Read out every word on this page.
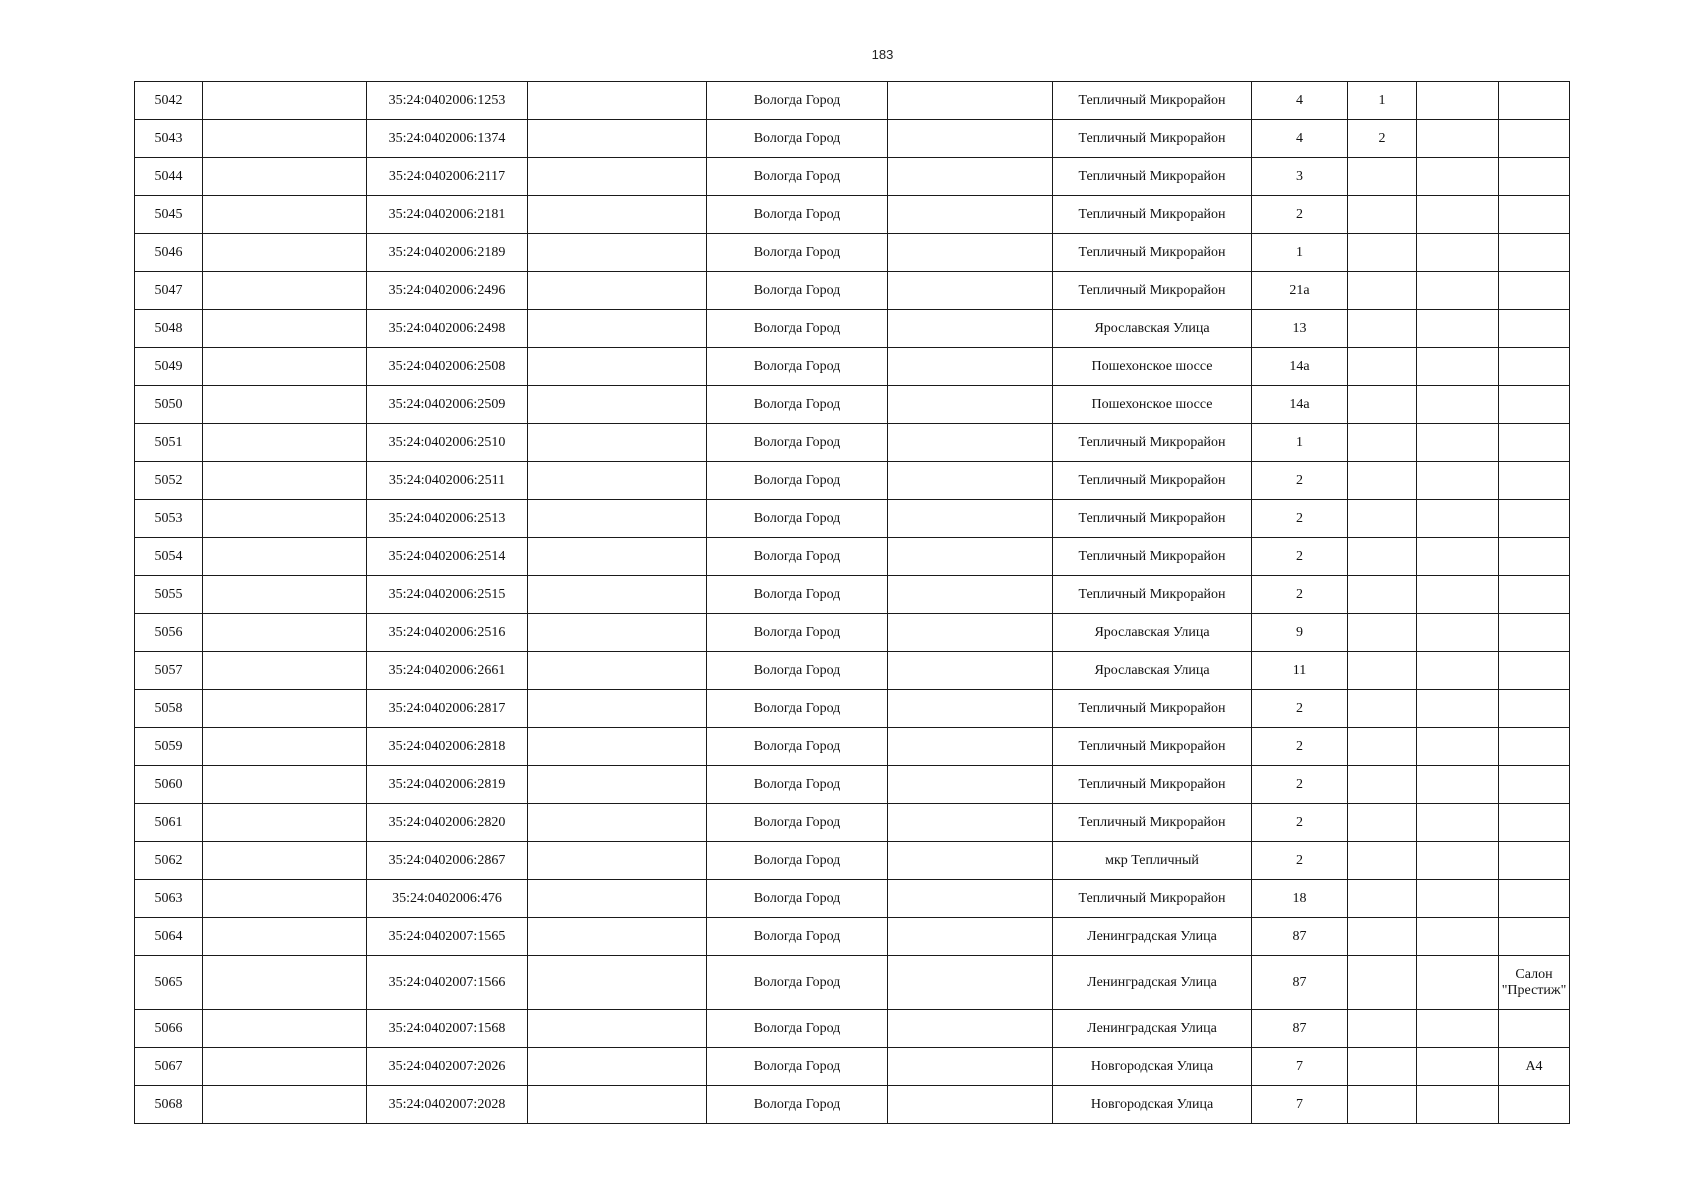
183
5042		35:24:0402006:1253		Вологда Город		Тепличный Микрорайон	4	1		
5043		35:24:0402006:1374		Вологда Город		Тепличный Микрорайон	4	2		
5044		35:24:0402006:2117		Вологда Город		Тепличный Микрорайон	3			
5045		35:24:0402006:2181		Вологда Город		Тепличный Микрорайон	2			
5046		35:24:0402006:2189		Вологда Город		Тепличный Микрорайон	1			
5047		35:24:0402006:2496		Вологда Город		Тепличный Микрорайон	21а			
5048		35:24:0402006:2498		Вологда Город		Ярославская Улица	13			
5049		35:24:0402006:2508		Вологда Город		Пошехонское шоссе	14а			
5050		35:24:0402006:2509		Вологда Город		Пошехонское шоссе	14а			
5051		35:24:0402006:2510		Вологда Город		Тепличный Микрорайон	1			
5052		35:24:0402006:2511		Вологда Город		Тепличный Микрорайон	2			
5053		35:24:0402006:2513		Вологда Город		Тепличный Микрорайон	2			
5054		35:24:0402006:2514		Вологда Город		Тепличный Микрорайон	2			
5055		35:24:0402006:2515		Вологда Город		Тепличный Микрорайон	2			
5056		35:24:0402006:2516		Вологда Город		Ярославская Улица	9			
5057		35:24:0402006:2661		Вологда Город		Ярославская Улица	11			
5058		35:24:0402006:2817		Вологда Город		Тепличный Микрорайон	2			
5059		35:24:0402006:2818		Вологда Город		Тепличный Микрорайон	2			
5060		35:24:0402006:2819		Вологда Город		Тепличный Микрорайон	2			
5061		35:24:0402006:2820		Вологда Город		Тепличный Микрорайон	2			
5062		35:24:0402006:2867		Вологда Город		мкр Тепличный	2			
5063		35:24:0402006:476		Вологда Город		Тепличный Микрорайон	18			
5064		35:24:0402007:1565		Вологда Город		Ленинградская Улица	87			
5065		35:24:0402007:1566		Вологда Город		Ленинградская Улица	87			Салон "Престиж"
5066		35:24:0402007:1568		Вологда Город		Ленинградская Улица	87			
5067		35:24:0402007:2026		Вологда Город		Новгородская Улица	7			А4
5068		35:24:0402007:2028		Вологда Город		Новгородская Улица	7			
